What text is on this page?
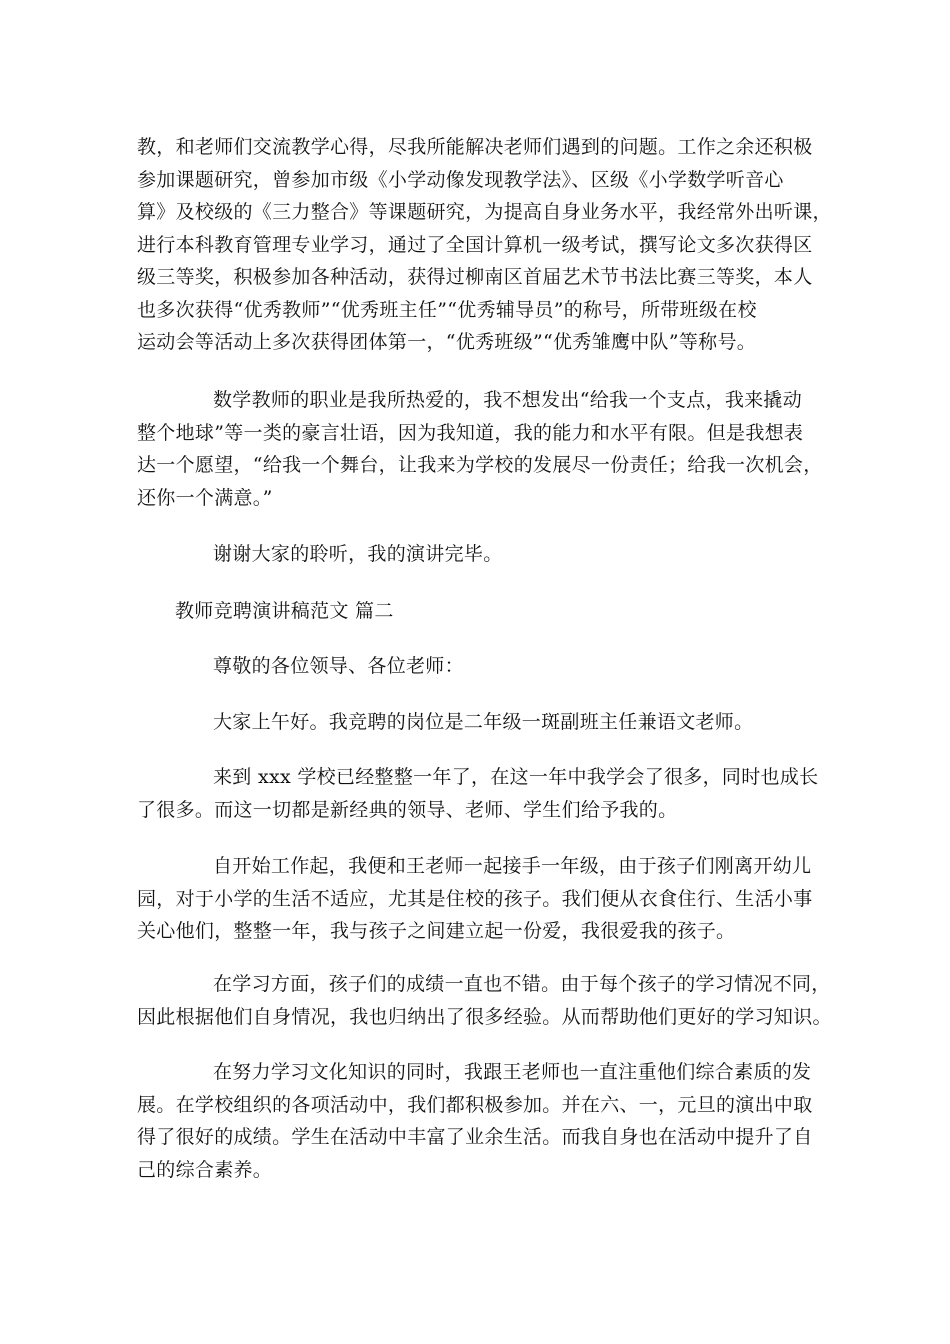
教，和老师们交流教学心得，尽我所能解决老师们遇到的问题。工作之余还积极
参加课题研究，曾参加市级《小学动像发现教学法》、区级《小学数学听音心
算》及校级的《三力整合》等课题研究，为提高自身业务水平，我经常外出听课，
进行本科教育管理专业学习，通过了全国计算机一级考试，撰写论文多次获得区
级三等奖，积极参加各种活动，获得过柳南区首届艺术节书法比赛三等奖，本人
也多次获得“优秀教师”“优秀班主任”“优秀辅导员”的称号，所带班级在校
运动会等活动上多次获得团体第一，“优秀班级”“优秀雏鹰中队”等称号。
数学教师的职业是我所热爱的，我不想发出“给我一个支点，我来撬动
整个地球”等一类的豪言壮语，因为我知道，我的能力和水平有限。但是我想表
达一个愿望，“给我一个舞台，让我来为学校的发展尽一份责任；给我一次机会，
还你一个满意。”
谢谢大家的聆听，我的演讲完毕。
教师竞聘演讲稿范文 篇二
尊敬的各位领导、各位老师：
大家上午好。我竞聘的岗位是二年级一斑副班主任兼语文老师。
来到 xxx 学校已经整整一年了，在这一年中我学会了很多，同时也成长
了很多。而这一切都是新经典的领导、老师、学生们给予我的。
自开始工作起，我便和王老师一起接手一年级，由于孩子们刚离开幼儿
园，对于小学的生活不适应，尤其是住校的孩子。我们便从衣食住行、生活小事
关心他们，整整一年，我与孩子之间建立起一份爱，我很爱我的孩子。
在学习方面，孩子们的成绩一直也不错。由于每个孩子的学习情况不同，
因此根据他们自身情况，我也归纳出了很多经验。从而帮助他们更好的学习知识。
在努力学习文化知识的同时，我跟王老师也一直注重他们综合素质的发
展。在学校组织的各项活动中，我们都积极参加。并在六、一，元旦的演出中取
得了很好的成绩。学生在活动中丰富了业余生活。而我自身也在活动中提升了自
己的综合素养。
